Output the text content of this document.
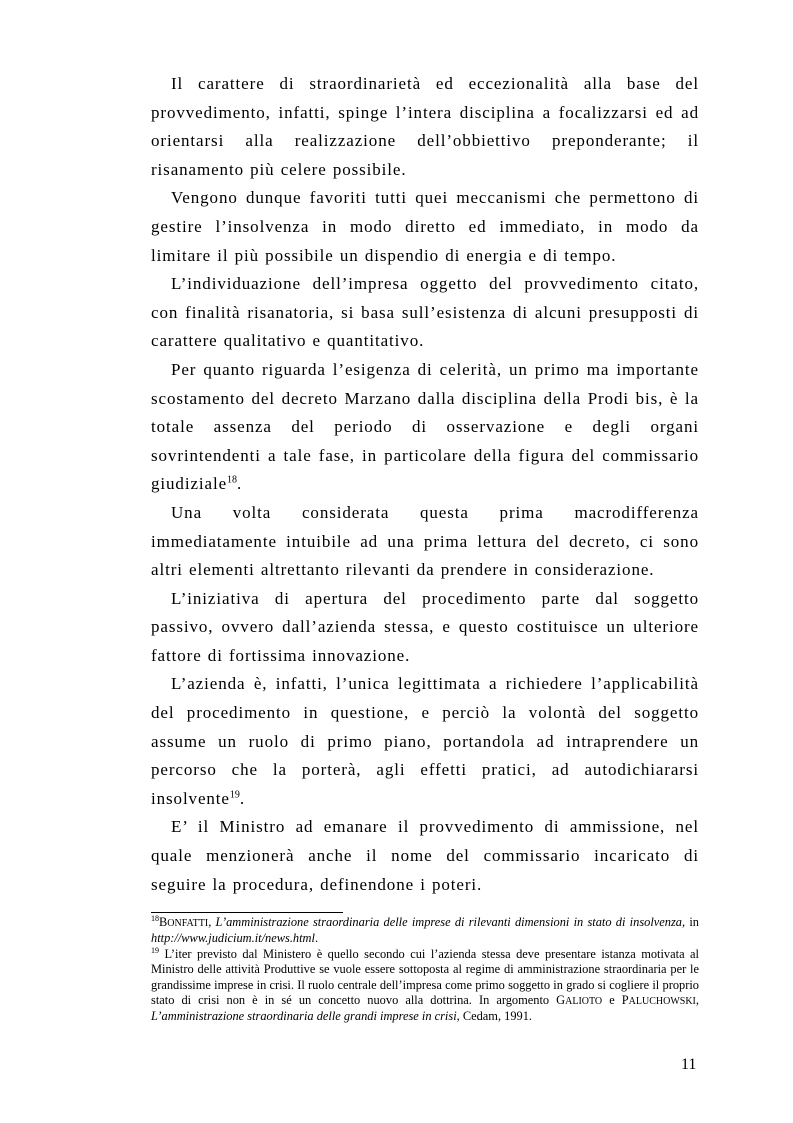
Il carattere di straordinarietà ed eccezionalità alla base del provvedimento, infatti, spinge l’intera disciplina a focalizzarsi ed ad orientarsi alla realizzazione dell’obbiettivo preponderante; il risanamento più celere possibile.

Vengono dunque favoriti tutti quei meccanismi che permettono di gestire l’insolvenza in modo diretto ed immediato, in modo da limitare il più possibile un dispendio di energia e di tempo.

L’individuazione dell’impresa oggetto del provvedimento citato, con finalità risanatoria, si basa sull’esistenza di alcuni presupposti di carattere qualitativo e quantitativo.

Per quanto riguarda l’esigenza di celerità, un primo ma importante scostamento del decreto Marzano dalla disciplina della Prodi bis, è la totale assenza del periodo di osservazione e degli organi sovrintendenti a tale fase, in particolare della figura del commissario giudiziale$^{18}$.

Una volta considerata questa prima macrodifferenza immediatamente intuibile ad una prima lettura del decreto, ci sono altri elementi altrettanto rilevanti da prendere in considerazione.

L’iniziativa di apertura del procedimento parte dal soggetto passivo, ovvero dall’azienda stessa, e questo costituisce un ulteriore fattore di fortissima innovazione.

L’azienda è, infatti, l’unica legittimata a richiedere l’applicabilità del procedimento in questione, e perciò la volontà del soggetto assume un ruolo di primo piano, portandola ad intraprendere un percorso che la porterà, agli effetti pratici, ad autodichiararsi insolvente$^{19}$.

E’ il Ministro ad emanare il provvedimento di ammissione, nel quale menzionerà anche il nome del commissario incaricato di seguire la procedura, definendone i poteri.

$^{18}$BONFATTI, L’amministrazione straordinaria delle imprese di rilevanti dimensioni in stato di insolvenza, in http://www.judicium.it/news.html.

$^{19}$ L’iter previsto dal Ministero è quello secondo cui l’azienda stessa deve presentare istanza motivata al Ministro delle attività Produttive se vuole essere sottoposta al regime di amministrazione straordinaria per le grandissime imprese in crisi. Il ruolo centrale dell’impresa come primo soggetto in grado si cogliere il proprio stato di crisi non è in sé un concetto nuovo alla dottrina. In argomento GALIOTO e PALUCHOWSKI, L’amministrazione straordinaria delle grandi imprese in crisi, Cedam, 1991.

11
